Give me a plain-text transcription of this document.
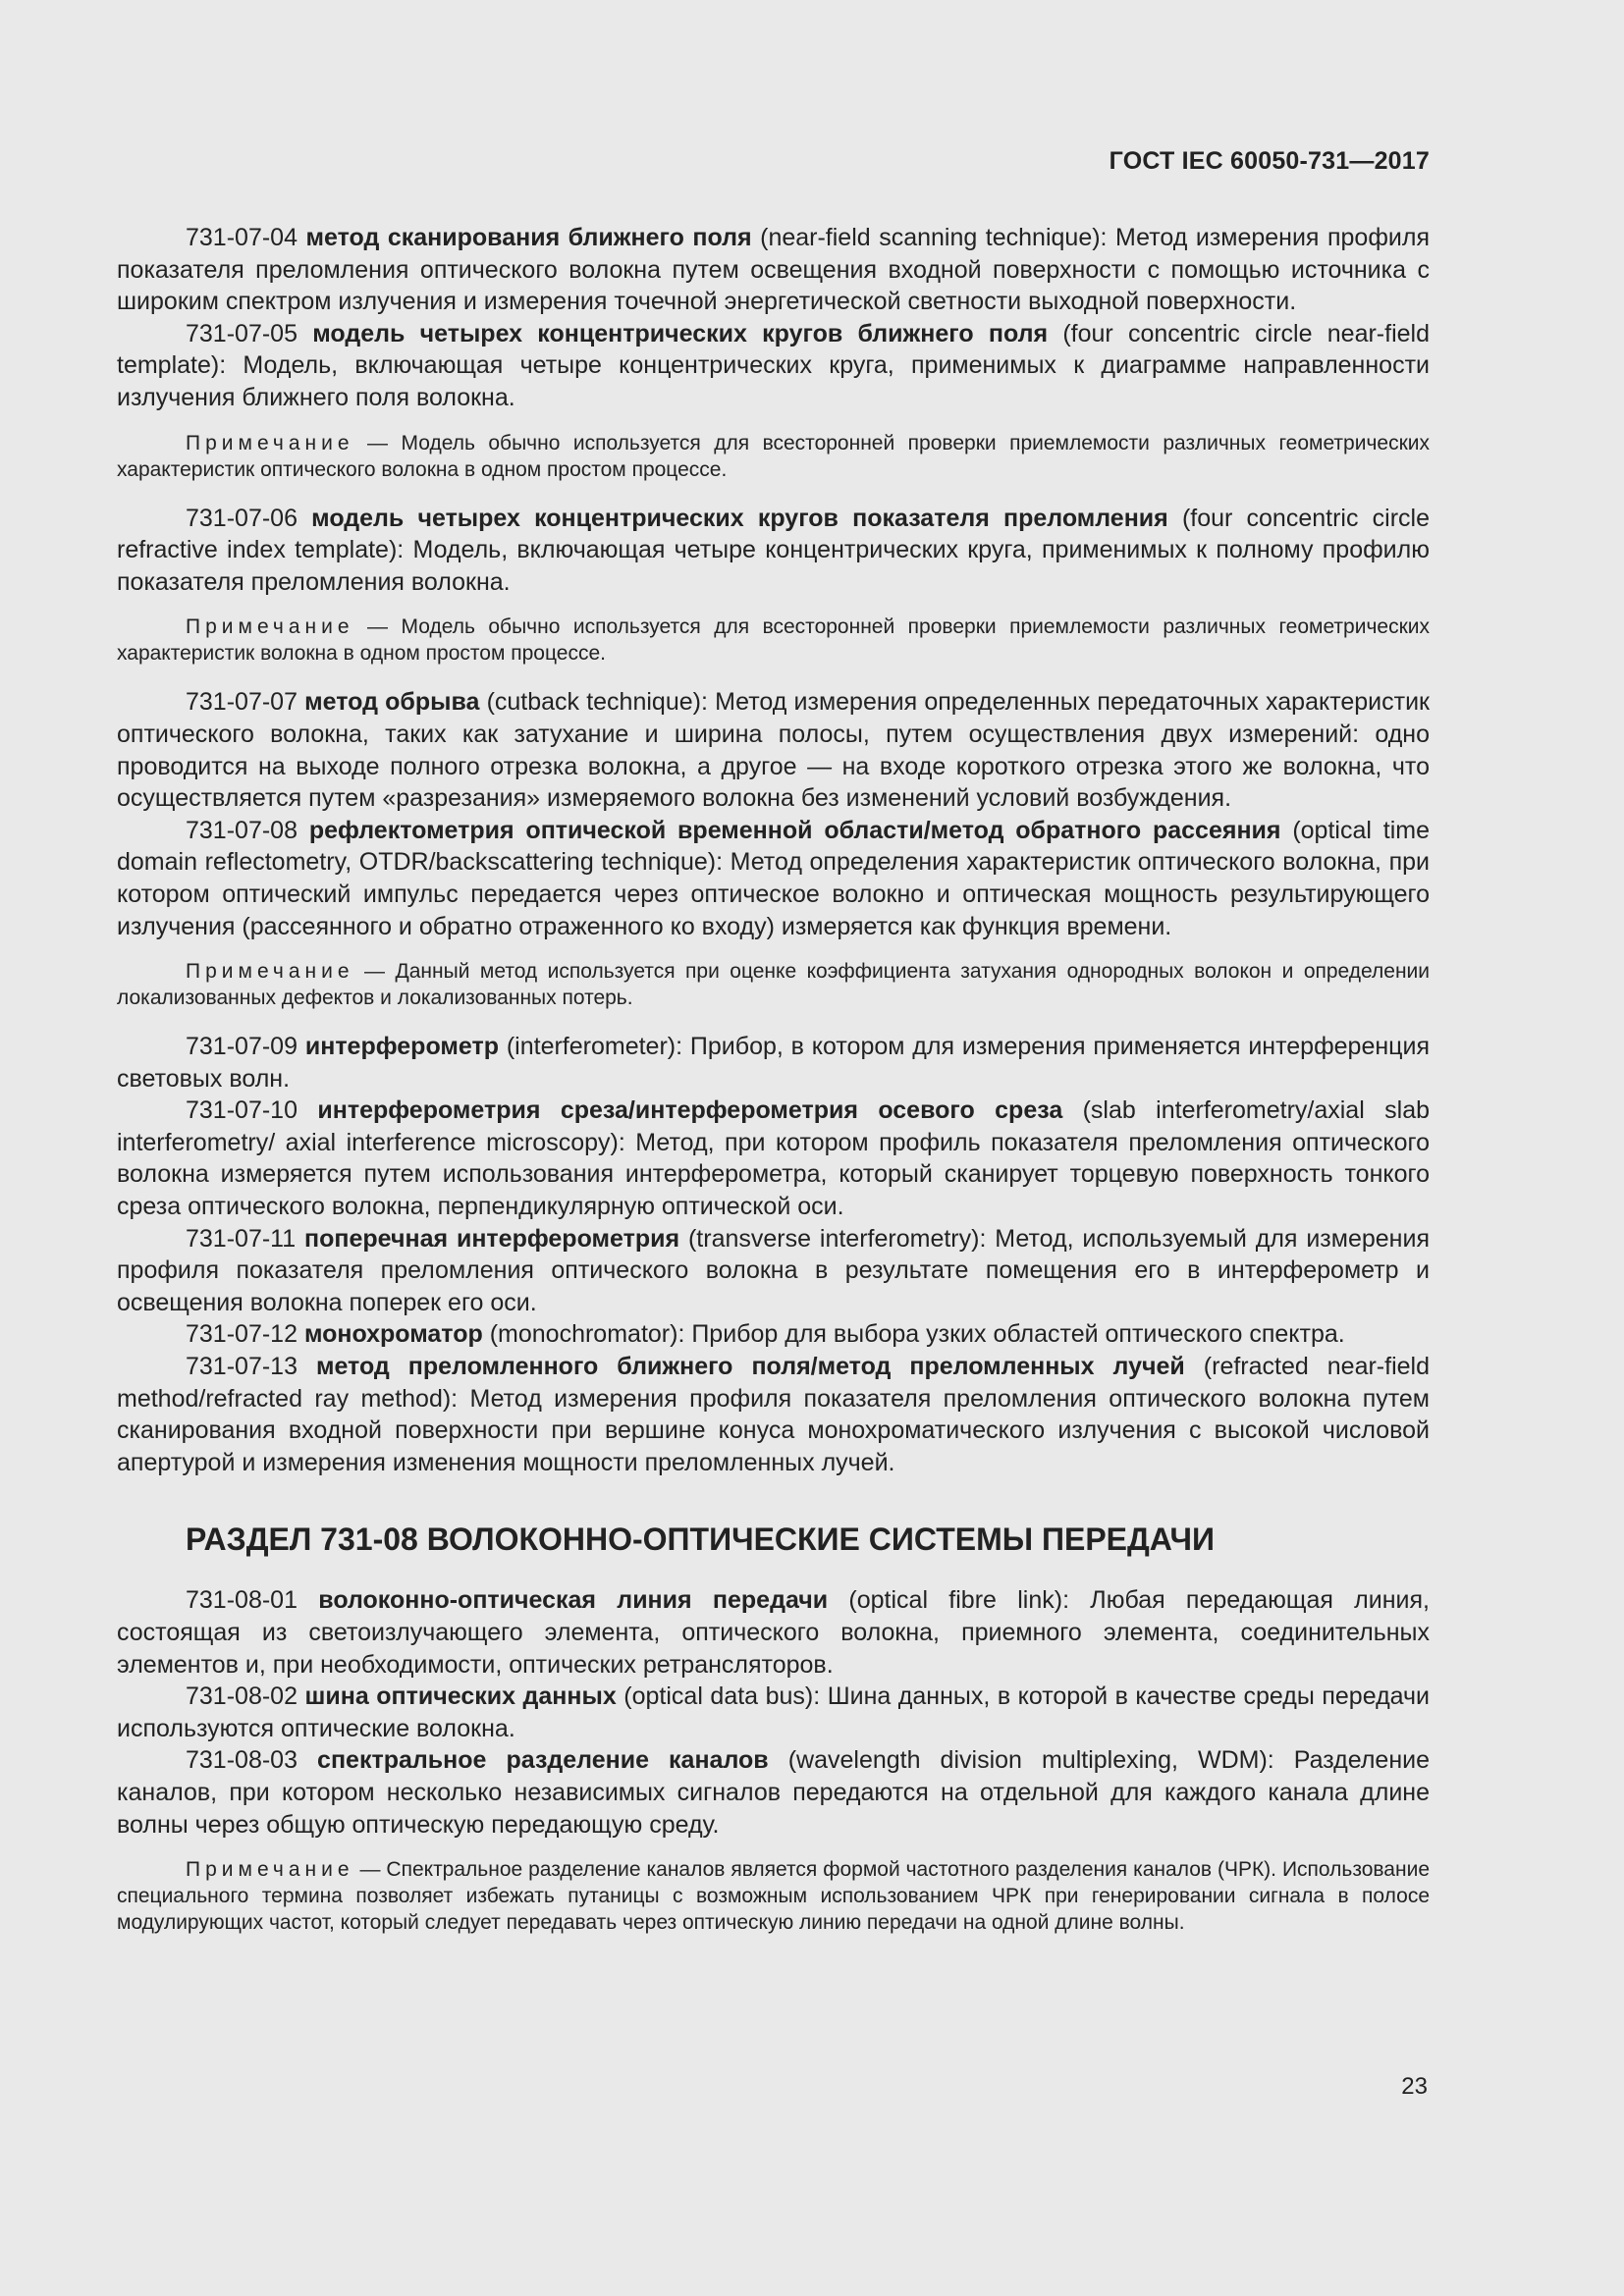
ГОСТ IEC 60050-731—2017

731-07-04 метод сканирования ближнего поля (near-field scanning technique): Метод измерения профиля показателя преломления оптического волокна путем освещения входной поверхности с помощью источника с широким спектром излучения и измерения точечной энергетической светности выходной поверхности.

731-07-05 модель четырех концентрических кругов ближнего поля (four concentric circle near-field template): Модель, включающая четыре концентрических круга, применимых к диаграмме направленности излучения ближнего поля волокна.

Примечание — Модель обычно используется для всесторонней проверки приемлемости различных геометрических характеристик оптического волокна в одном простом процессе.

731-07-06 модель четырех концентрических кругов показателя преломления (four concentric circle refractive index template): Модель, включающая четыре концентрических круга, применимых к полному профилю показателя преломления волокна.

Примечание — Модель обычно используется для всесторонней проверки приемлемости различных геометрических характеристик волокна в одном простом процессе.

731-07-07 метод обрыва (cutback technique): Метод измерения определенных передаточных характеристик оптического волокна, таких как затухание и ширина полосы, путем осуществления двух измерений: одно проводится на выходе полного отрезка волокна, а другое — на входе короткого отрезка этого же волокна, что осуществляется путем «разрезания» измеряемого волокна без изменений условий возбуждения.

731-07-08 рефлектометрия оптической временной области/метод обратного рассеяния (optical time domain reflectometry, OTDR/backscattering technique): Метод определения характеристик оптического волокна, при котором оптический импульс передается через оптическое волокно и оптическая мощность результирующего излучения (рассеянного и обратно отраженного ко входу) измеряется как функция времени.

Примечание — Данный метод используется при оценке коэффициента затухания однородных волокон и определении локализованных дефектов и локализованных потерь.

731-07-09 интерферометр (interferometer): Прибор, в котором для измерения применяется интерференция световых волн.

731-07-10 интерферометрия среза/интерферометрия осевого среза (slab interferometry/axial slab interferometry/ axial interference microscopy): Метод, при котором профиль показателя преломления оптического волокна измеряется путем использования интерферометра, который сканирует торцевую поверхность тонкого среза оптического волокна, перпендикулярную оптической оси.

731-07-11 поперечная интерферометрия (transverse interferometry): Метод, используемый для измерения профиля показателя преломления оптического волокна в результате помещения его в интерферометр и освещения волокна поперек его оси.

731-07-12 монохроматор (monochromator): Прибор для выбора узких областей оптического спектра.

731-07-13 метод преломленного ближнего поля/метод преломленных лучей (refracted near-field method/refracted ray method): Метод измерения профиля показателя преломления оптического волокна путем сканирования входной поверхности при вершине конуса монохроматического излучения с высокой числовой апертурой и измерения изменения мощности преломленных лучей.

РАЗДЕЛ 731-08 ВОЛОКОННО-ОПТИЧЕСКИЕ СИСТЕМЫ ПЕРЕДАЧИ

731-08-01 волоконно-оптическая линия передачи (optical fibre link): Любая передающая линия, состоящая из светоизлучающего элемента, оптического волокна, приемного элемента, соединительных элементов и, при необходимости, оптических ретрансляторов.

731-08-02 шина оптических данных (optical data bus): Шина данных, в которой в качестве среды передачи используются оптические волокна.

731-08-03 спектральное разделение каналов (wavelength division multiplexing, WDM): Разделение каналов, при котором несколько независимых сигналов передаются на отдельной для каждого канала длине волны через общую оптическую передающую среду.

Примечание — Спектральное разделение каналов является формой частотного разделения каналов (ЧРК). Использование специального термина позволяет избежать путаницы с возможным использованием ЧРК при генерировании сигнала в полосе модулирующих частот, который следует передавать через оптическую линию передачи на одной длине волны.

23
